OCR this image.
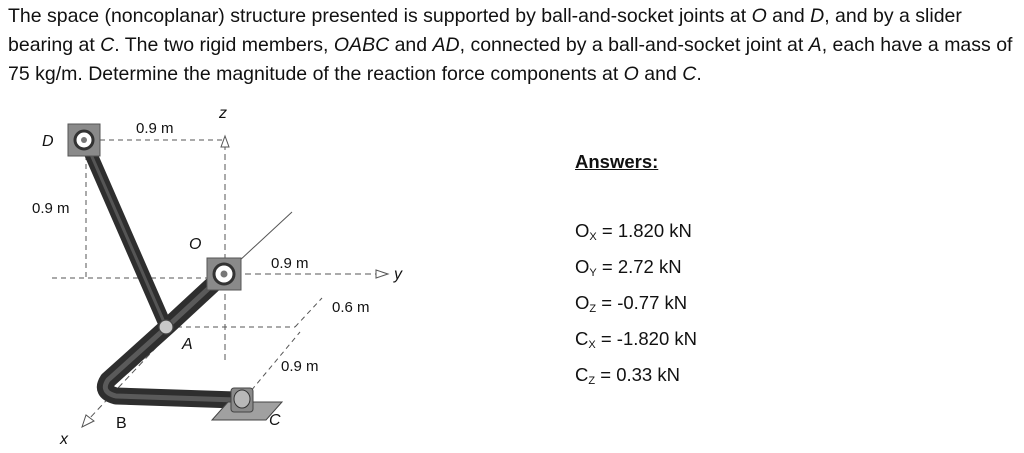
The space (noncoplanar) structure presented is supported by ball-and-socket joints at O and D, and by a slider bearing at C. The two rigid members, OABC and AD, connected by a ball-and-socket joint at A, each have a mass of 75 kg/m. Determine the magnitude of the reaction force components at O and C.

D
O
A
B	C
x
y
z
0.9 m
0.9 m
0.9 m
0.6 m
0.9 m
Answers:
$O_X = 1.820$ kN
$O_Y = 2.72$ kN
$O_Z = -0.77$ kN
$C_X = -1.820$ kN
$C_Z = 0.33$ kN
